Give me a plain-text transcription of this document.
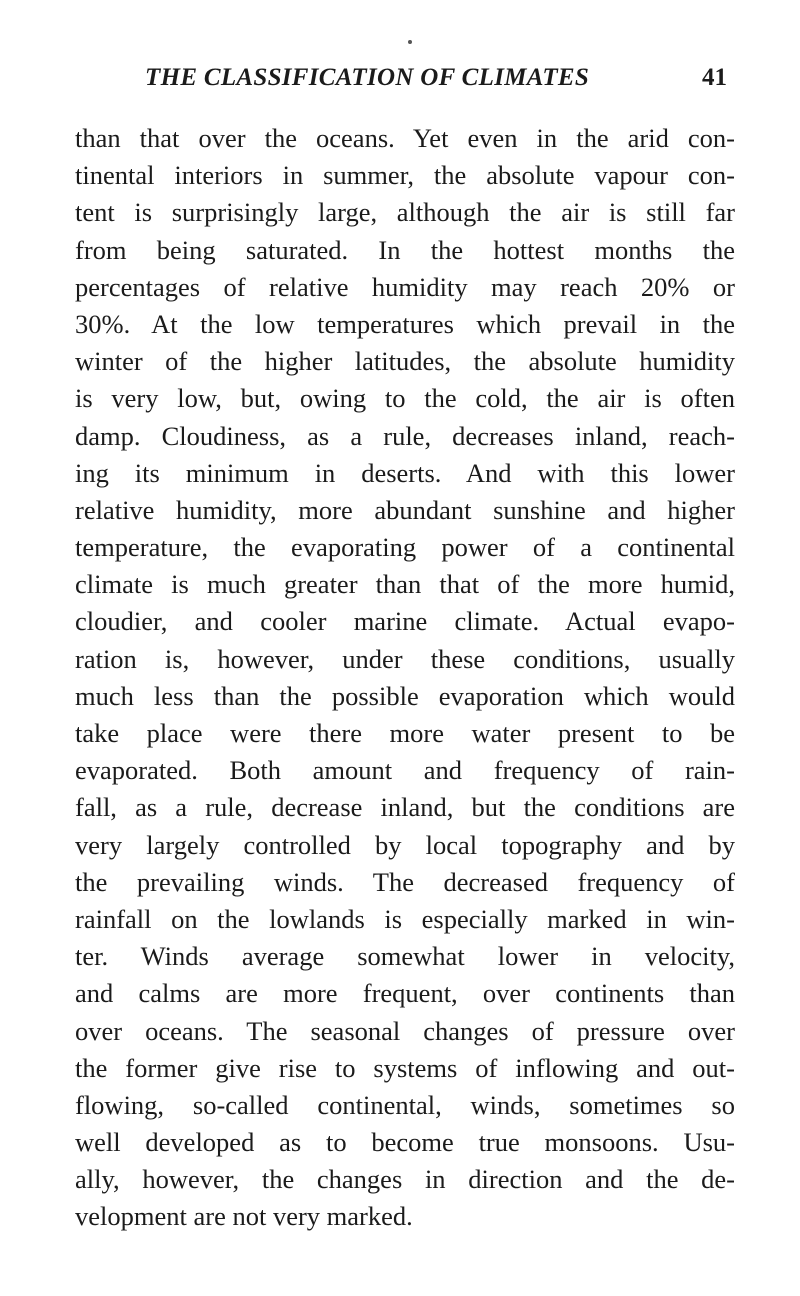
THE CLASSIFICATION OF CLIMATES	41
than that over the oceans. Yet even in the arid con-
tinental interiors in summer, the absolute vapour con-
tent is surprisingly large, although the air is still far
from being saturated. In the hottest months the
percentages of relative humidity may reach 20% or
30%. At the low temperatures which prevail in the
winter of the higher latitudes, the absolute humidity
is very low, but, owing to the cold, the air is often
damp. Cloudiness, as a rule, decreases inland, reach-
ing its minimum in deserts. And with this lower
relative humidity, more abundant sunshine and higher
temperature, the evaporating power of a continental
climate is much greater than that of the more humid,
cloudier, and cooler marine climate. Actual evapo-
ration is, however, under these conditions, usually
much less than the possible evaporation which would
take place were there more water present to be
evaporated. Both amount and frequency of rain-
fall, as a rule, decrease inland, but the conditions are
very largely controlled by local topography and by
the prevailing winds. The decreased frequency of
rainfall on the lowlands is especially marked in win-
ter. Winds average somewhat lower in velocity,
and calms are more frequent, over continents than
over oceans. The seasonal changes of pressure over
the former give rise to systems of inflowing and out-
flowing, so-called continental, winds, sometimes so
well developed as to become true monsoons. Usu-
ally, however, the changes in direction and the de-
velopment are not very marked.
